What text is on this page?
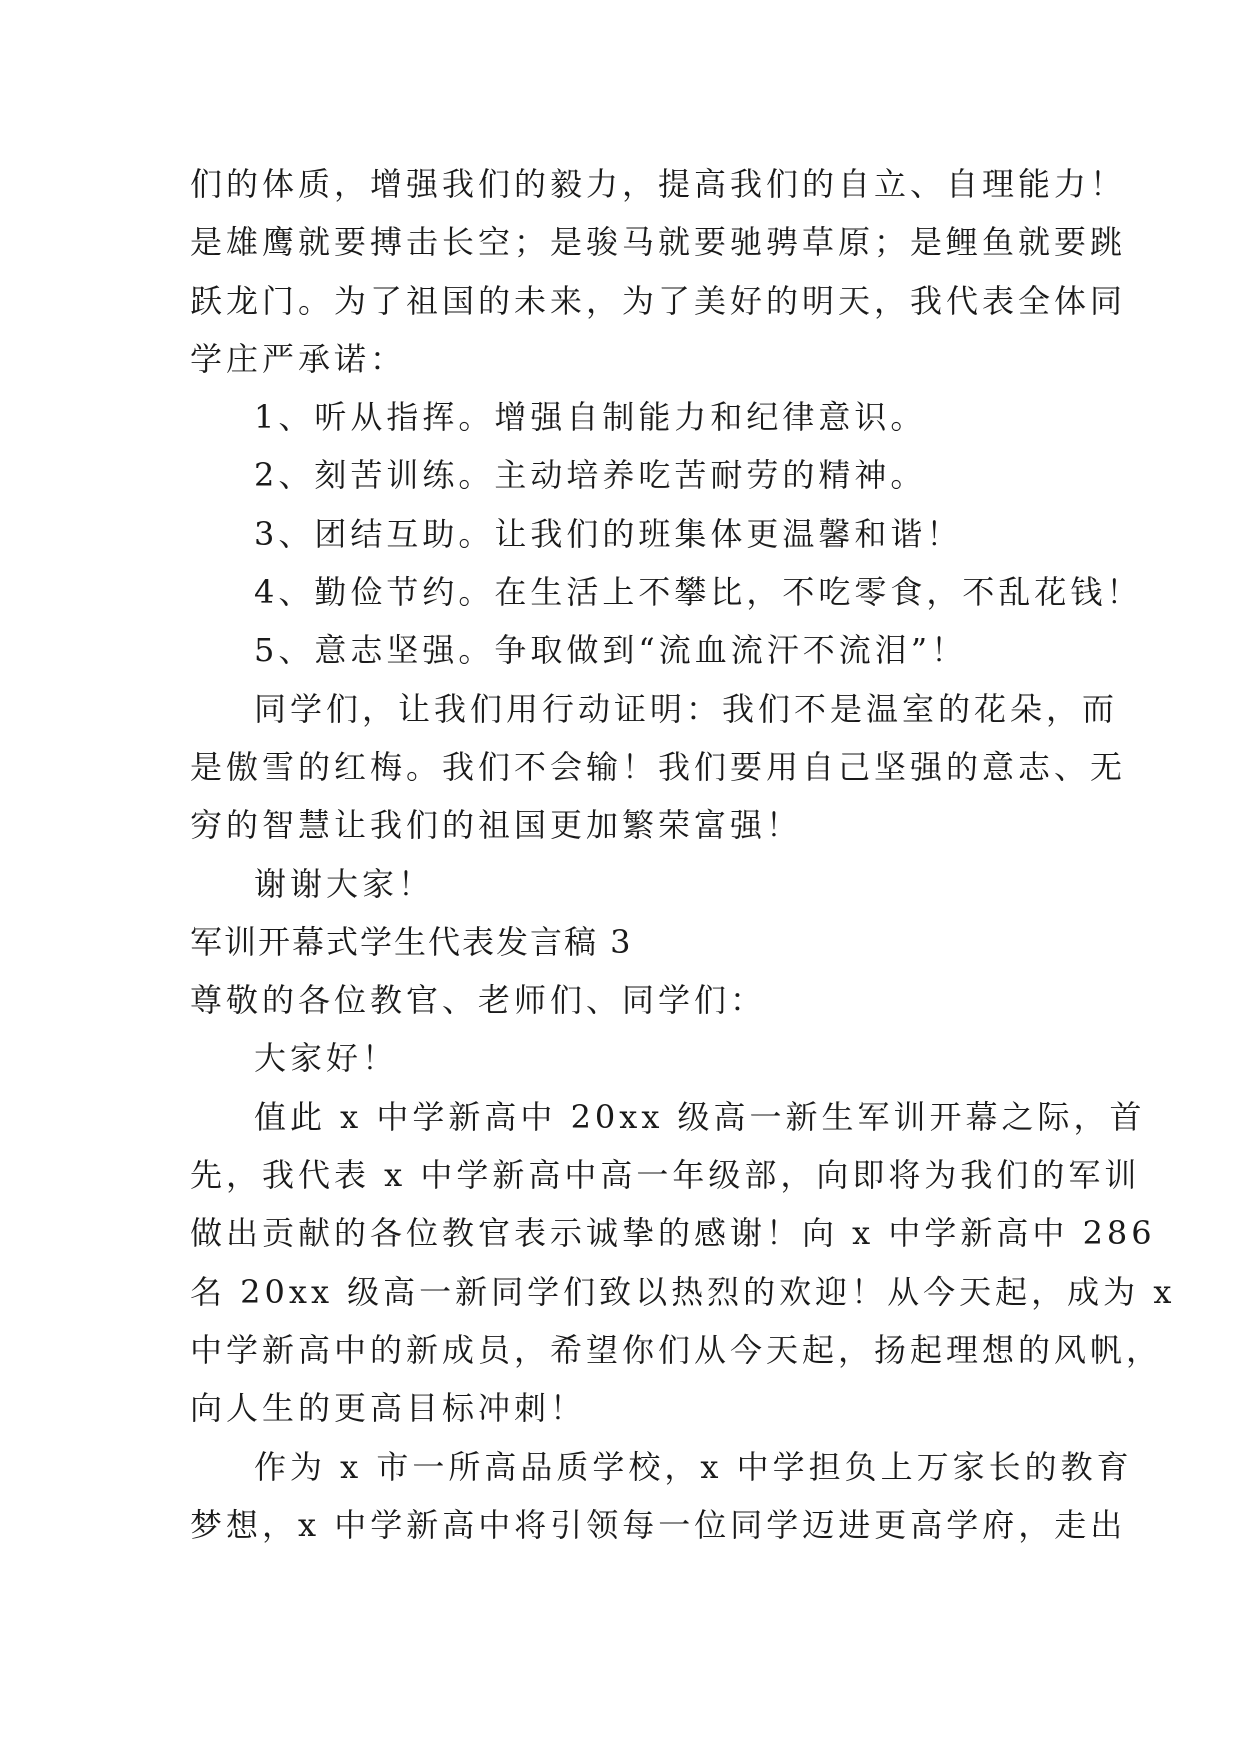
们的体质，增强我们的毅力，提高我们的自立、自理能力！
是雄鹰就要搏击长空；是骏马就要驰骋草原；是鲤鱼就要跳
跃龙门。为了祖国的未来，为了美好的明天，我代表全体同
学庄严承诺：
1、听从指挥。增强自制能力和纪律意识。
2、刻苦训练。主动培养吃苦耐劳的精神。
3、团结互助。让我们的班集体更温馨和谐！
4、勤俭节约。在生活上不攀比，不吃零食，不乱花钱！
5、意志坚强。争取做到“流血流汗不流泪”！
同学们，让我们用行动证明：我们不是温室的花朵，而
是傲雪的红梅。我们不会输！我们要用自己坚强的意志、无
穷的智慧让我们的祖国更加繁荣富强！
谢谢大家！
军训开幕式学生代表发言稿 3
尊敬的各位教官、老师们、同学们：
大家好！
值此 x 中学新高中 20xx 级高一新生军训开幕之际，首
先，我代表 x 中学新高中高一年级部，向即将为我们的军训
做出贡献的各位教官表示诚挚的感谢！向 x 中学新高中 286
名 20xx 级高一新同学们致以热烈的欢迎！从今天起，成为 x
中学新高中的新成员，希望你们从今天起，扬起理想的风帆，
向人生的更高目标冲刺！
作为 x 市一所高品质学校，x 中学担负上万家长的教育
梦想，x 中学新高中将引领每一位同学迈进更高学府，走出
